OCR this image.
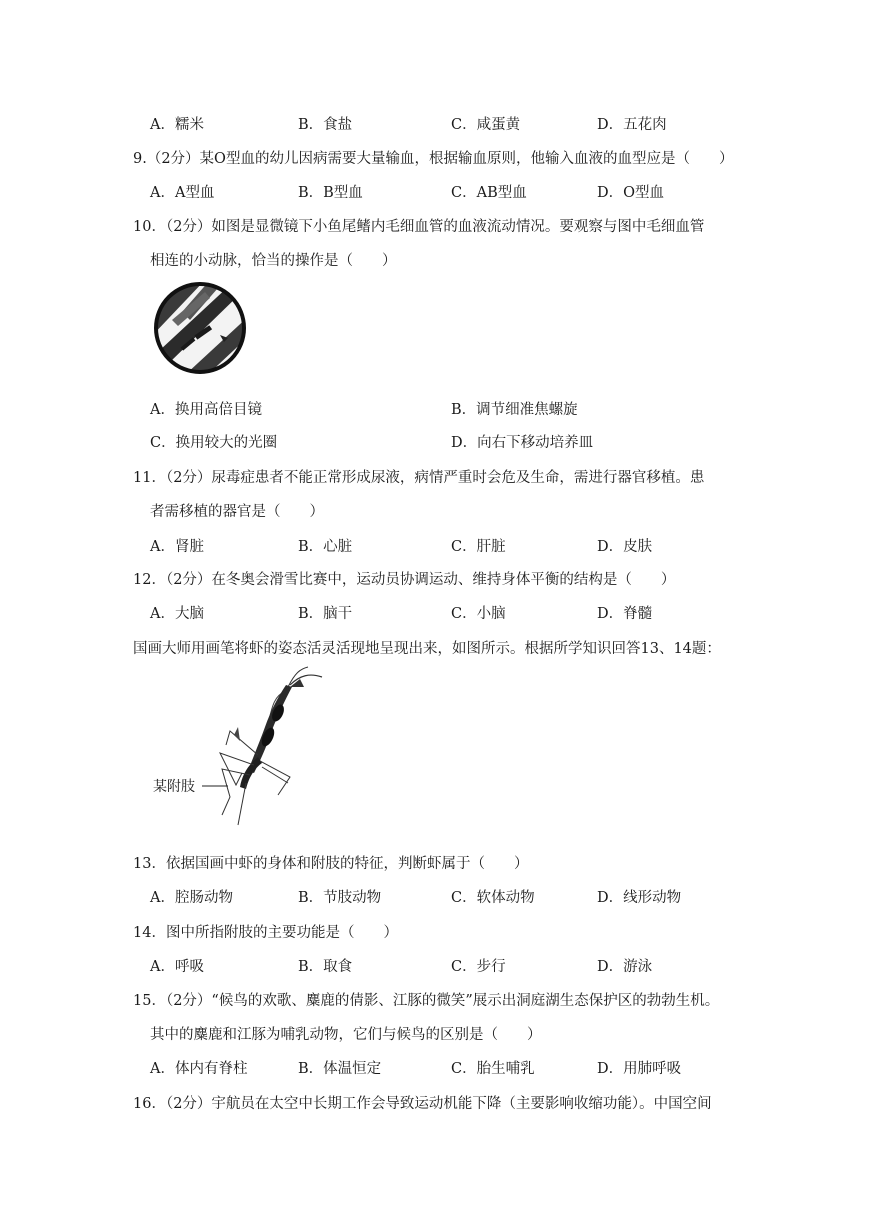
A．糯米	B．食盐	C．咸蛋黄	D．五花肉
9.（2分）某O型血的幼儿因病需要大量输血，根据输血原则，他输入血液的血型应是（　　）
A．A型血	B．B型血	C．AB型血	D．O型血
10．（2分）如图是显微镜下小鱼尾鳍内毛细血管的血液流动情况。要观察与图中毛细血管
相连的小动脉，恰当的操作是（　　）
A．换用高倍目镜	B．调节细准焦螺旋
C．换用较大的光圈	D．向右下移动培养皿
11．（2分）尿毒症患者不能正常形成尿液，病情严重时会危及生命，需进行器官移植。患
者需移植的器官是（　　）
A．肾脏	B．心脏	C．肝脏	D．皮肤
12．（2分）在冬奥会滑雪比赛中，运动员协调运动、维持身体平衡的结构是（　　）
A．大脑	B．脑干	C．小脑	D．脊髓
国画大师用画笔将虾的姿态活灵活现地呈现出来，如图所示。根据所学知识回答13、14题：
某附肢
13．依据国画中虾的身体和附肢的特征，判断虾属于（　　）
A．腔肠动物	B．节肢动物	C．软体动物	D．线形动物
14．图中所指附肢的主要功能是（　　）
A．呼吸	B．取食	C．步行	D．游泳
15．（2分）“候鸟的欢歌、麋鹿的倩影、江豚的微笑”展示出洞庭湖生态保护区的勃勃生机。
其中的麋鹿和江豚为哺乳动物，它们与候鸟的区别是（　　）
A．体内有脊柱	B．体温恒定	C．胎生哺乳	D．用肺呼吸
16．（2分）宇航员在太空中长期工作会导致运动机能下降（主要影响收缩功能）。中国空间
